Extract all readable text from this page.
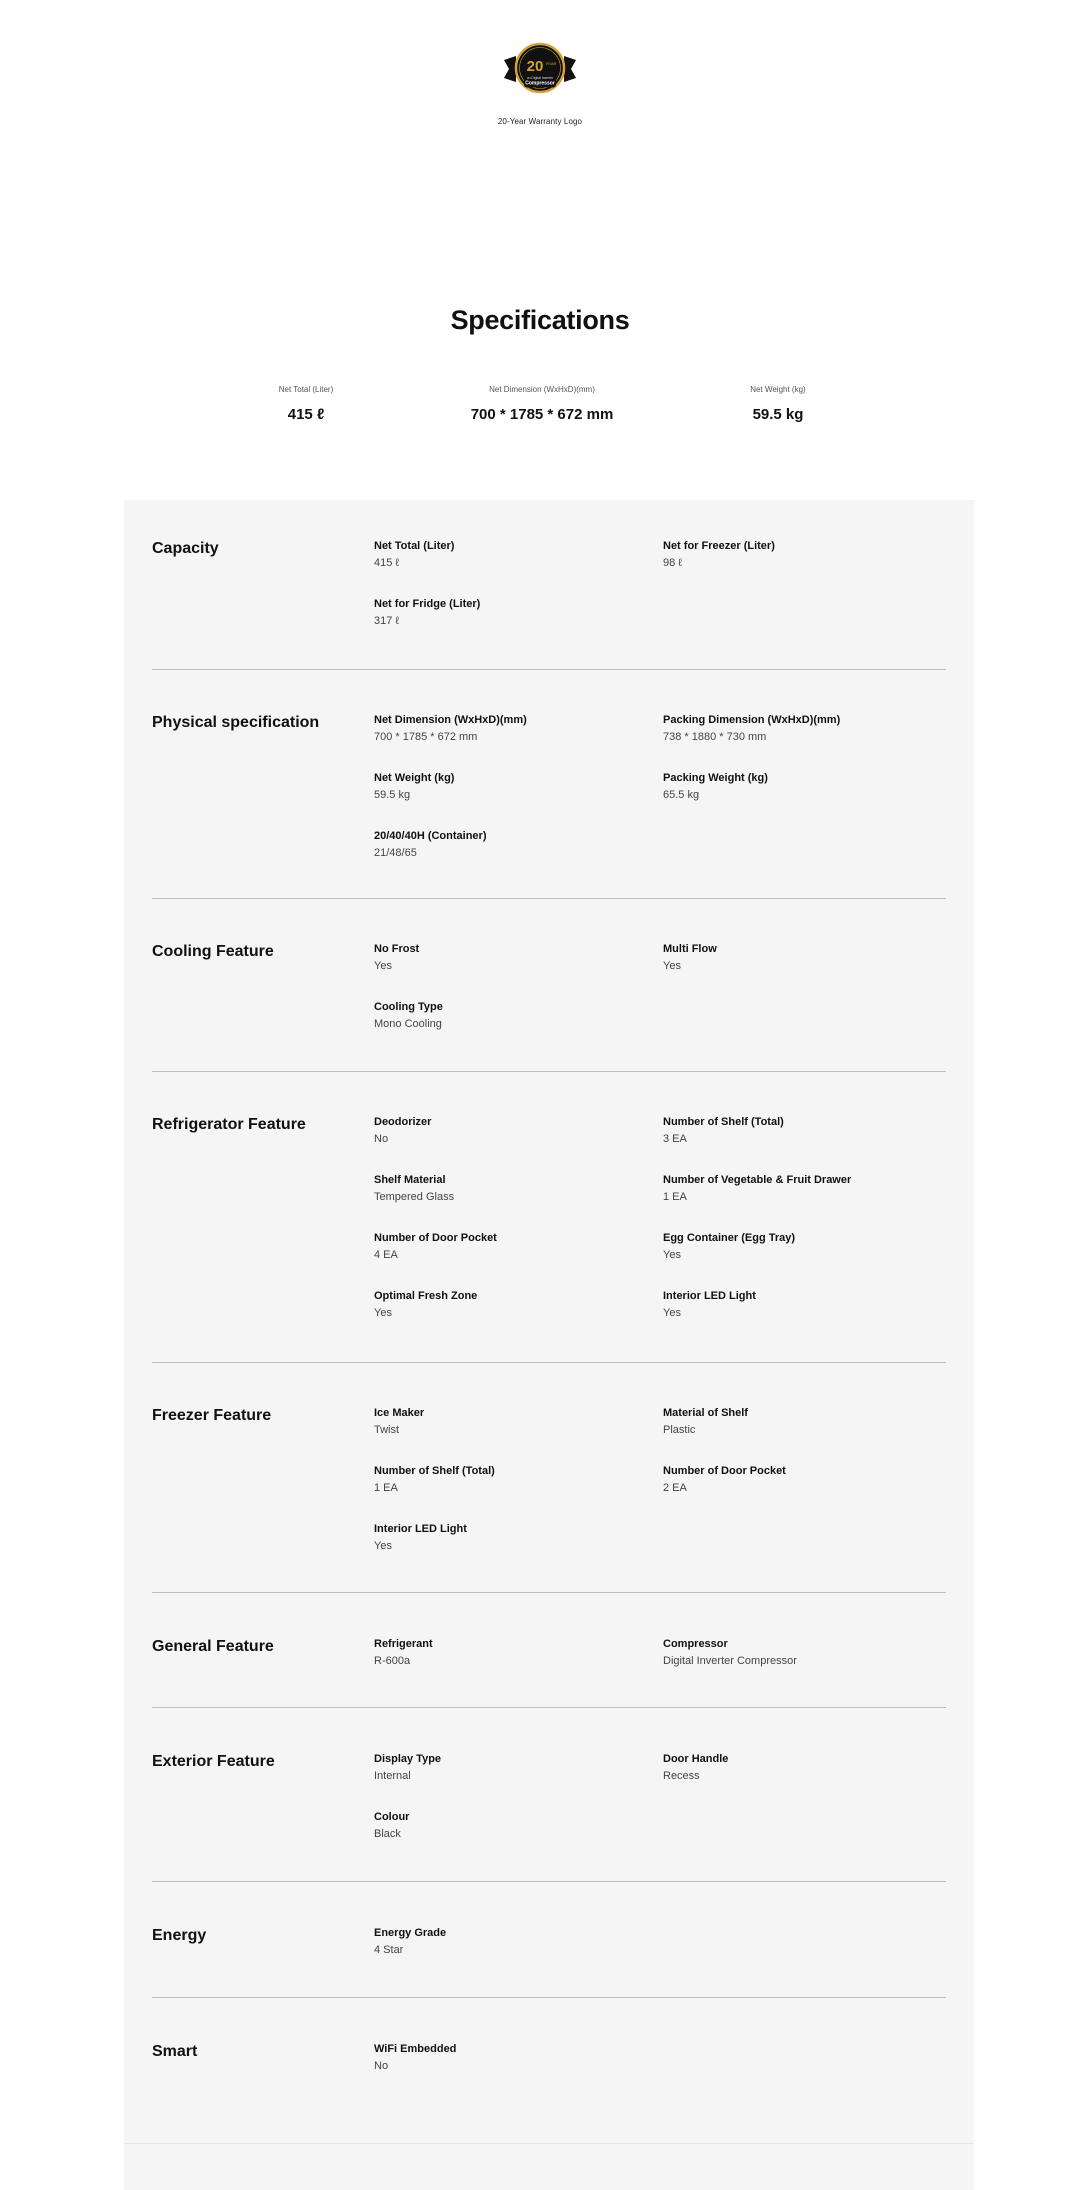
20 YEAR
on Digital Inverter
Compressor
20-Year Warranty Logo
Specifications
Net Total (Liter)
415 ℓ
Net Dimension (WxHxD)(mm)
700 * 1785 * 672 mm
Net Weight (kg)
59.5 kg
Capacity	Net Total (Liter)
415 ℓ
Net for Freezer (Liter)
98 ℓ
Net for Fridge (Liter)
317 ℓ
Physical specification	Net Dimension (WxHxD)(mm)
700 * 1785 * 672 mm
Packing Dimension (WxHxD)(mm)
738 * 1880 * 730 mm
Net Weight (kg)
59.5 kg
Packing Weight (kg)
65.5 kg
20/40/40H (Container)
21/48/65
Cooling Feature	No Frost
Yes
Multi Flow
Yes
Cooling Type
Mono Cooling
Refrigerator Feature	Deodorizer
No
Number of Shelf (Total)
3 EA
Shelf Material
Tempered Glass
Number of Vegetable & Fruit Drawer
1 EA
Number of Door Pocket
4 EA
Egg Container (Egg Tray)
Yes
Optimal Fresh Zone
Yes
Interior LED Light
Yes
Freezer Feature	Ice Maker
Twist
Material of Shelf
Plastic
Number of Shelf (Total)
1 EA
Number of Door Pocket
2 EA
Interior LED Light
Yes
General Feature	Refrigerant
R-600a
Compressor
Digital Inverter Compressor
Exterior Feature	Display Type
Internal
Door Handle
Recess
Colour
Black
Energy	Energy Grade
4 Star
Smart	WiFi Embedded
No
